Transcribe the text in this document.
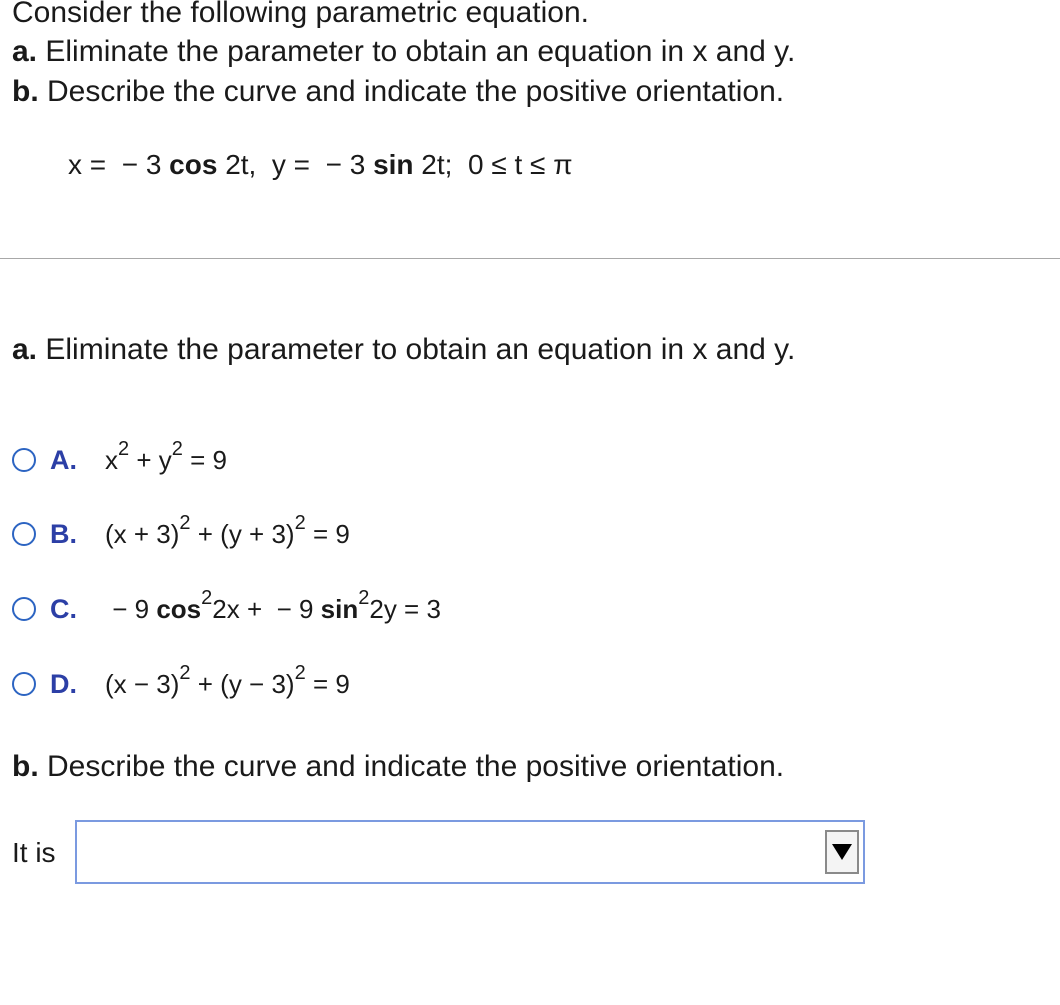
Consider the following parametric equation.
a. Eliminate the parameter to obtain an equation in x and y.
b. Describe the curve and indicate the positive orientation.
x =  − 3 cos 2t,  y =  − 3 sin 2t;  0 ≤ t ≤ π
a. Eliminate the parameter to obtain an equation in x and y.
A.	$x^2 + y^2 = 9$
B.	$(x + 3)^2 + (y + 3)^2 = 9$
C.	− 9 $\cos^22x$ +  − 9 $\sin^22y = 3$
D.	$(x - 3)^2 + (y - 3)^2 = 9$
b. Describe the curve and indicate the positive orientation.
It is
